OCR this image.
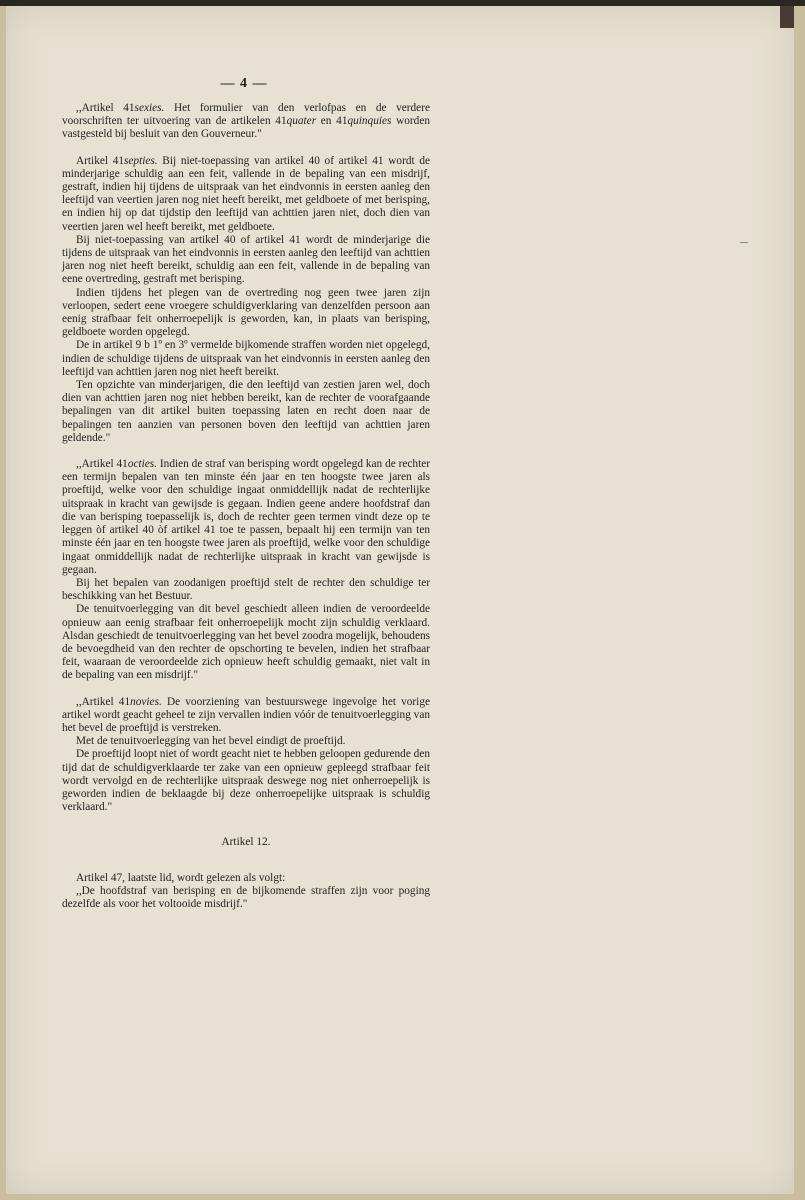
— 4 —

,,Artikel 41sexies. Het formulier van den verlofpas en de verdere voorschriften ter uitvoering van de artikelen 41quater en 41quinquies worden vastgesteld bij besluit van den Gouverneur."

Artikel 41septies. Bij niet-toepassing van artikel 40 of artikel 41 wordt de minderjarige schuldig aan een feit, vallende in de bepaling van een misdrijf, gestraft, indien hij tijdens de uitspraak van het eindvonnis in eersten aanleg den leeftijd van veertien jaren nog niet heeft bereikt, met geldboete of met berisping, en indien hij op dat tijdstip den leeftijd van achttien jaren niet, doch dien van veertien jaren wel heeft bereikt, met geldboete.

Bij niet-toepassing van artikel 40 of artikel 41 wordt de minderjarige die tijdens de uitspraak van het eindvonnis in eersten aanleg den leeftijd van achttien jaren nog niet heeft bereikt, schuldig aan een feit, vallende in de bepaling van eene overtreding, gestraft met berisping.

Indien tijdens het plegen van de overtreding nog geen twee jaren zijn verloopen, sedert eene vroegere schuldigverklaring van denzelfden persoon aan eenig strafbaar feit onherroepelijk is geworden, kan, in plaats van berisping, geldboete worden opgelegd.

De in artikel 9 b 1º en 3º vermelde bijkomende straffen worden niet opgelegd, indien de schuldige tijdens de uitspraak van het eindvonnis in eersten aanleg den leeftijd van achttien jaren nog niet heeft bereikt.

Ten opzichte van minderjarigen, die den leeftijd van zestien jaren wel, doch dien van achttien jaren nog niet hebben bereikt, kan de rechter de voorafgaande bepalingen van dit artikel buiten toepassing laten en recht doen naar de bepalingen ten aanzien van personen boven den leeftijd van achttien jaren geldende."

,,Artikel 41octies. Indien de straf van berisping wordt opgelegd kan de rechter een termijn bepalen van ten minste één jaar en ten hoogste twee jaren als proeftijd, welke voor den schuldige ingaat onmiddellijk nadat de rechterlijke uitspraak in kracht van gewijsde is gegaan. Indien geene andere hoofdstraf dan die van berisping toepasselijk is, doch de rechter geen termen vindt deze op te leggen òf artikel 40 òf artikel 41 toe te passen, bepaalt hij een termijn van ten minste één jaar en ten hoogste twee jaren als proeftijd, welke voor den schuldige ingaat onmiddellijk nadat de rechterlijke uitspraak in kracht van gewijsde is gegaan.

Bij het bepalen van zoodanigen proeftijd stelt de rechter den schuldige ter beschikking van het Bestuur.

De tenuitvoerlegging van dit bevel geschiedt alleen indien de veroordeelde opnieuw aan eenig strafbaar feit onherroepelijk mocht zijn schuldig verklaard. Alsdan geschiedt de tenuitvoerlegging van het bevel zoodra mogelijk, behoudens de bevoegdheid van den rechter de opschorting te bevelen, indien het strafbaar feit, waaraan de veroordeelde zich opnieuw heeft schuldig gemaakt, niet valt in de bepaling van een misdrijf."

,,Artikel 41novies. De voorziening van bestuurswege ingevolge het vorige artikel wordt geacht geheel te zijn vervallen indien vóór de tenuitvoerlegging van het bevel de proeftijd is verstreken.

Met de tenuitvoerlegging van het bevel eindigt de proeftijd.

De proeftijd loopt niet of wordt geacht niet te hebben geloopen gedurende den tijd dat de schuldigverklaarde ter zake van een opnieuw gepleegd strafbaar feit wordt vervolgd en de rechterlijke uitspraak deswege nog niet onherroepelijk is geworden indien de beklaagde bij deze onherroepelijke uitspraak is schuldig verklaard."

Artikel 12.

Artikel 47, laatste lid, wordt gelezen als volgt:

,,De hoofdstraf van berisping en de bijkomende straffen zijn voor poging dezelfde als voor het voltooide misdrijf."
